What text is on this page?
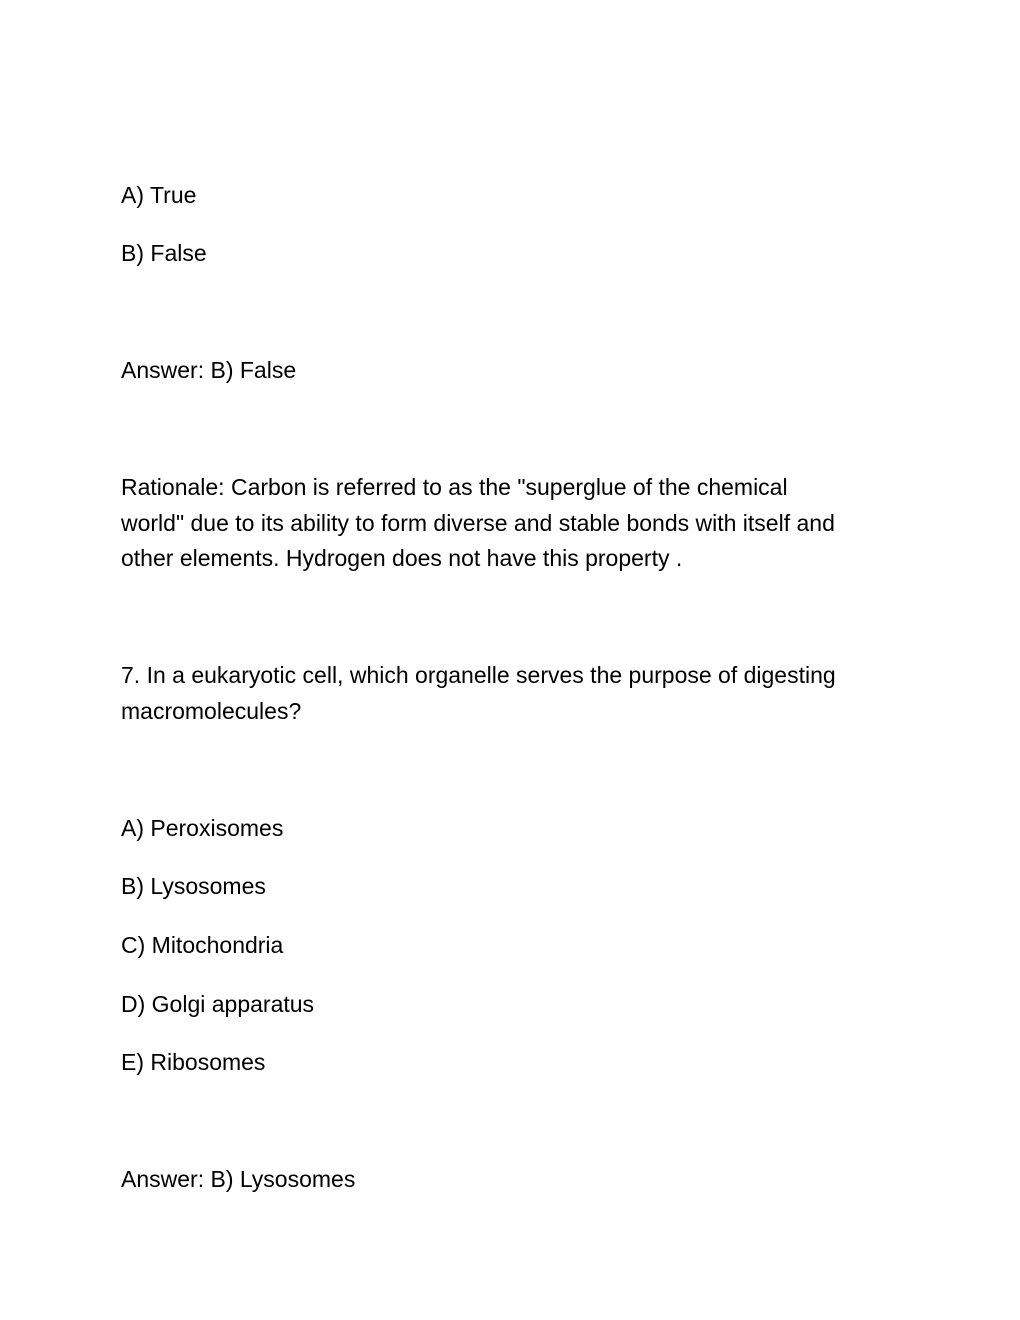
A) True
B) False
Answer: B) False
Rationale: Carbon is referred to as the "superglue of the chemical
world" due to its ability to form diverse and stable bonds with itself and
other elements. Hydrogen does not have this property .
7. In a eukaryotic cell, which organelle serves the purpose of digesting
macromolecules?
A) Peroxisomes
B) Lysosomes
C) Mitochondria
D) Golgi apparatus
E) Ribosomes
Answer: B) Lysosomes
